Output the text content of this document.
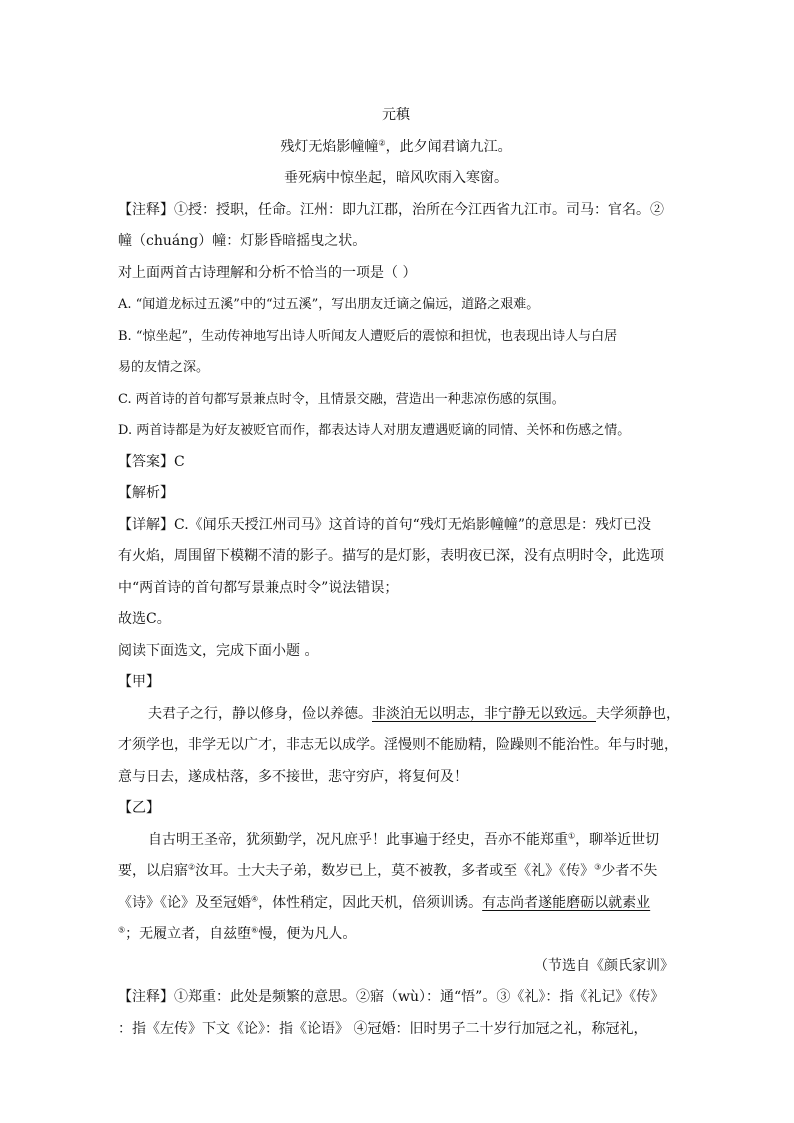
元稹
残灯无焰影幢幢②，此夕闻君谪九江。
垂死病中惊坐起，暗风吹雨入寒窗。
【注释】①授：授职，任命。江州：即九江郡，治所在今江西省九江市。司马：官名。②
幢（chuáng）幢：灯影昏暗摇曳之状。
对上面两首古诗理解和分析不恰当的一项是（ ）
A. “闻道龙标过五溪”中的“过五溪”，写出朋友迁谪之偏远，道路之艰难。
B. “惊坐起”，生动传神地写出诗人听闻友人遭贬后的震惊和担忧，也表现出诗人与白居
易的友情之深。
C. 两首诗的首句都写景兼点时令，且情景交融，营造出一种悲凉伤感的氛围。
D. 两首诗都是为好友被贬官而作，都表达诗人对朋友遭遇贬谪的同情、关怀和伤感之情。
【答案】C
【解析】
【详解】C.《闻乐天授江州司马》这首诗的首句“残灯无焰影幢幢”的意思是：残灯已没
有火焰，周围留下模糊不清的影子。描写的是灯影，表明夜已深，没有点明时令，此选项
中“两首诗的首句都写景兼点时令”说法错误；
故选C。
阅读下面选文，完成下面小题 。
【甲】
夫君子之行，静以修身，俭以养德。非淡泊无以明志，非宁静无以致远。夫学须静也，
才须学也，非学无以广才，非志无以成学。淫慢则不能励精，险躁则不能治性。年与时驰，
意与日去，遂成枯落，多不接世，悲守穷庐，将复何及！
【乙】
自古明王圣帝，犹须勤学，况凡庶乎！此事遍于经史，吾亦不能郑重①，聊举近世切
要，以启寤②汝耳。士大夫子弟，数岁已上，莫不被教，多者或至《礼》《传》③少者不失
《诗》《论》及至冠婚④，体性稍定，因此天机，倍须训诱。有志尚者遂能磨砺以就素业
⑤；无履立者，自兹堕⑥慢，便为凡人。
（节选自《颜氏家训》
【注释】①郑重：此处是频繁的意思。②寤（wù）：通“悟”。③《礼》：指《礼记》《传》
：指《左传》下文《论》：指《论语》 ④冠婚：旧时男子二十岁行加冠之礼，称冠礼，
